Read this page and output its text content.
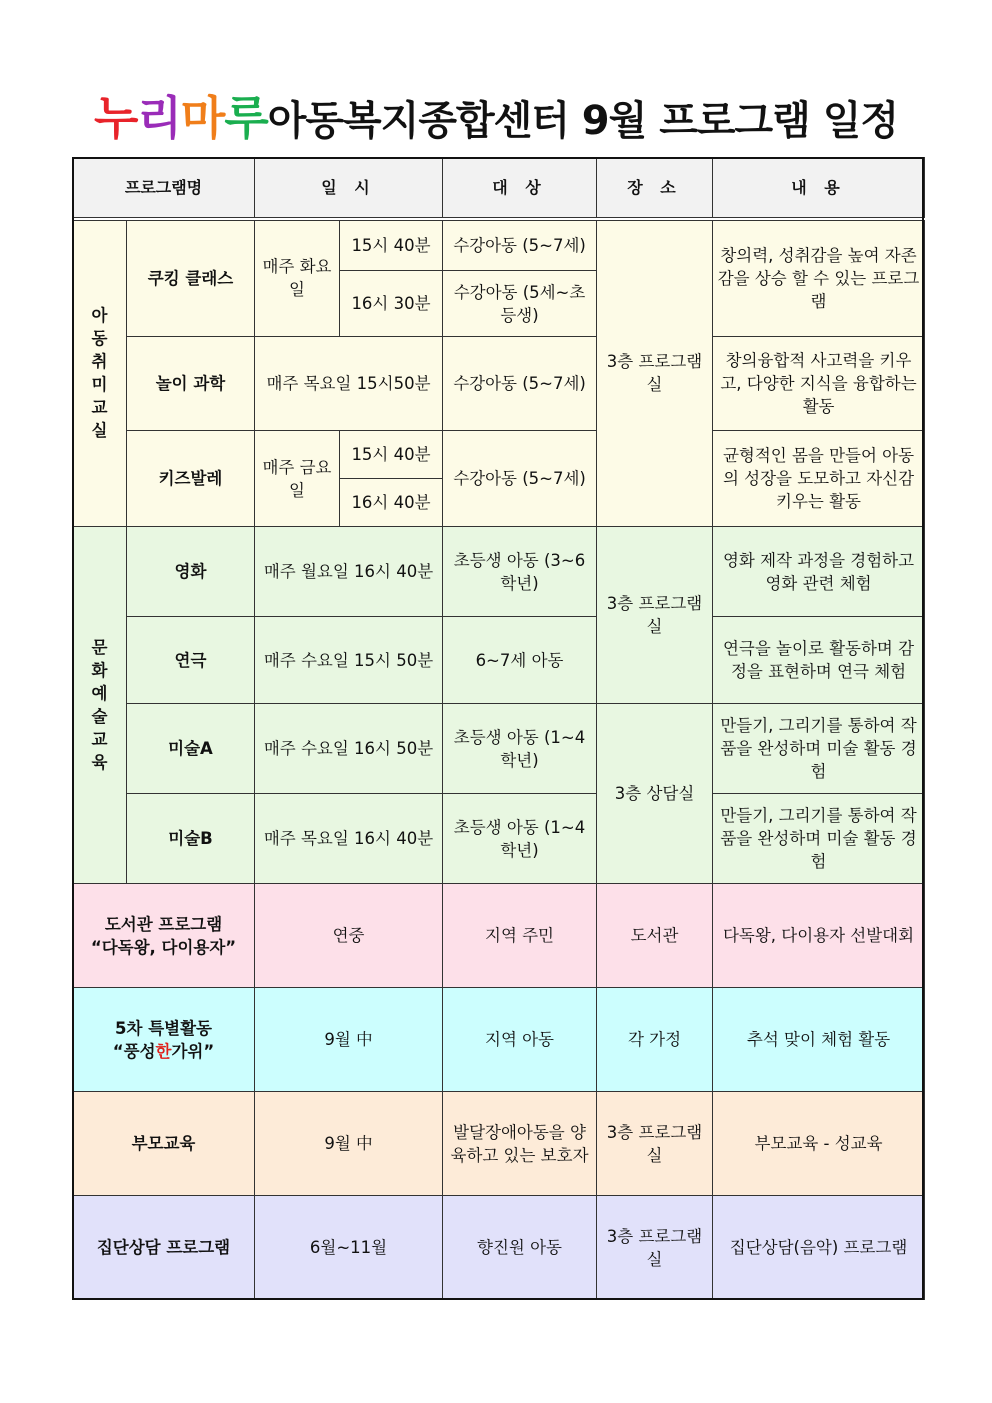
누리마루아동복지종합센터 9월 프로그램 일정
프로그램명		일 시		대 상	장 소	내 용
아동취미교실	쿠킹 클래스	매주 화요일	15시 40분	수강아동 (5~7세)	3층 프로그램실	창의력, 성취감을 높여 자존감을 상승 할 수 있는 프로그램
			16시 30분	수강아동 (5세~초등생)		
	놀이 과학	매주 목요일 15시50분		수강아동 (5~7세)		창의융합적 사고력을 키우고, 다양한 지식을 융합하는 활동
	키즈발레	매주 금요일	15시 40분	수강아동 (5~7세)		균형적인 몸을 만들어 아동의 성장을 도모하고 자신감 키우는 활동
			16시 40분			

문화예술교육	영화	매주 월요일 16시 40분		초등생 아동 (3~6학년)	3층 프로그램실	영화 제작 과정을 경험하고 영화 관련 체험
	연극	매주 수요일 15시 50분		6~7세 아동		연극을 놀이로 활동하며 감정을 표현하며 연극 체험
	미술A	매주 수요일 16시 50분		초등생 아동 (1~4학년)	3층 상담실	만들기, 그리기를 통하여 작품을 완성하며 미술 활동 경험
	미술B	매주 목요일 16시 40분		초등생 아동 (1~4학년)		만들기, 그리기를 통하여 작품을 완성하며 미술 활동 경험

도서관 프로그램
“다독왕, 다이용자”		연중		지역 주민	도서관	다독왕, 다이용자 선발대회

5차 특별활동
“풍성한가위”		9월 中		지역 아동	각 가정	추석 맞이 체험 활동
부모교육		9월 中		발달장애아동을 양육하고 있는 보호자	3층 프로그램실	부모교육 - 성교육
집단상담 프로그램		6월~11월		향진원 아동	3층 프로그램실	집단상담(음악) 프로그램
